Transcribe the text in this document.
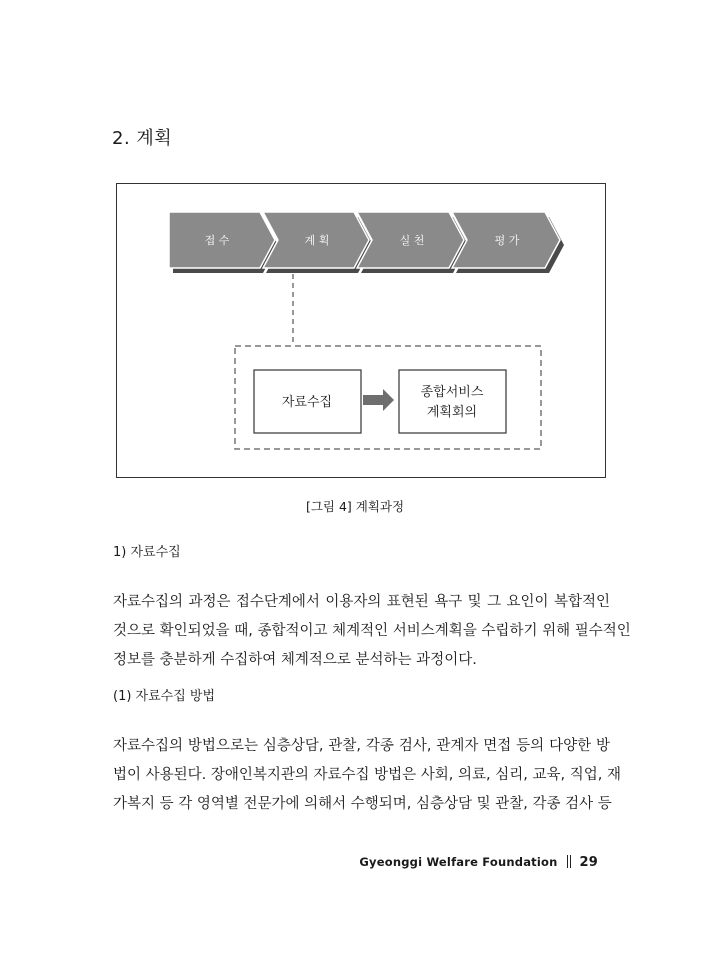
2. 계획
접 수	계 획	실 천	평 가
자료수집
종합서비스
계획회의
[그림 4] 계획과정
1) 자료수집
자료수집의 과정은 접수단계에서 이용자의 표현된 욕구 및 그 요인이 복합적인
것으로 확인되었을 때, 종합적이고 체계적인 서비스계획을 수립하기 위해 필수적인
정보를 충분하게 수집하여 체계적으로 분석하는 과정이다.
(1) 자료수집 방법
자료수집의 방법으로는 심층상담, 관찰, 각종 검사, 관계자 면접 등의 다양한 방
법이 사용된다. 장애인복지관의 자료수집 방법은 사회, 의료, 심리, 교육, 직업, 재
가복지 등 각 영역별 전문가에 의해서 수행되며, 심층상담 및 관찰, 각종 검사 등
Gyeonggi Welfare Foundation 29
